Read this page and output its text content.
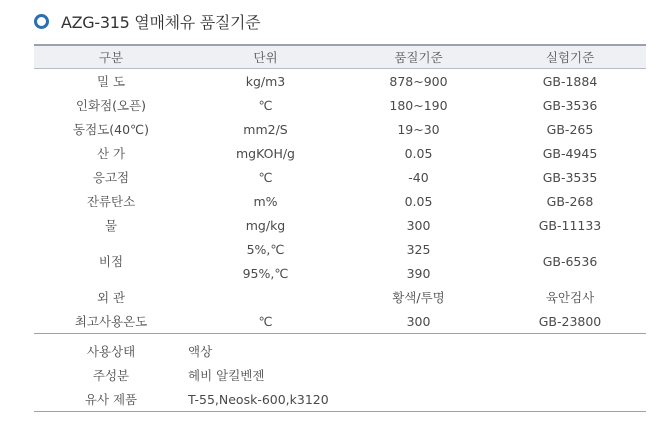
AZG-315 열매체유 품질기준
구분	단위	품질기준	실험기준
밀 도	kg/m3	878~900	GB-1884
인화점(오픈)	℃	180~190	GB-3536
동점도(40℃)	mm2/S	19~30	GB-265
산 가	mgKOH/g	0.05	GB-4945
응고점	℃	-40	GB-3535
잔류탄소	m%	0.05	GB-268
물	mg/kg	300	GB-11133
비점	5%,℃	325	GB-6536
	95%,℃	390	
외 관		황색/투명	육안검사
최고사용온도	℃	300	GB-23800
사용상태	액상
주성분	헤비 알킬벤젠
유사 제품	T-55,Neosk-600,k3120
